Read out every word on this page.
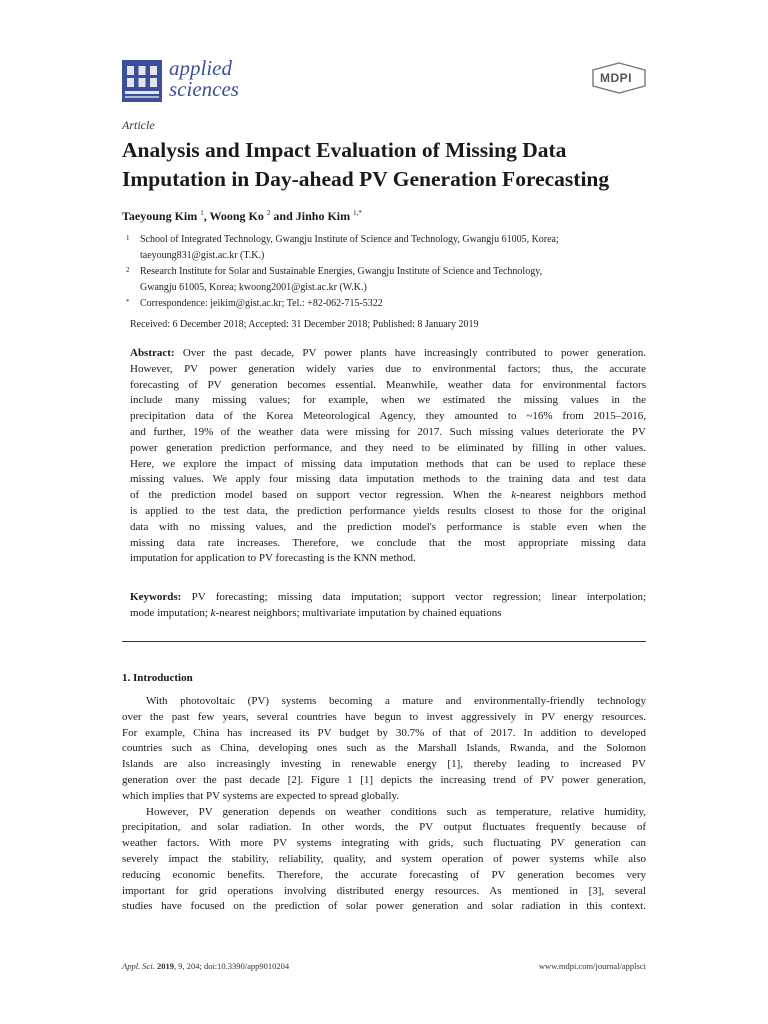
applied
sciences	MDPI
Article
Analysis and Impact Evaluation of Missing Data
Imputation in Day-ahead PV Generation Forecasting
Taeyoung Kim $^1$, Woong Ko $^2$ and Jinho Kim $^{1,*}$
1 School of Integrated Technology, Gwangju Institute of Science and Technology, Gwangju 61005, Korea;
taeyoung831@gist.ac.kr (T.K.)
2 Research Institute for Solar and Sustainable Energies, Gwangju Institute of Science and Technology,
Gwangju 61005, Korea; kwoong2001@gist.ac.kr (W.K.)
* Correspondence: jeikim@gist.ac.kr; Tel.: +82-062-715-5322
Received: 6 December 2018; Accepted: 31 December 2018; Published: 8 January 2019
Abstract: Over the past decade, PV power plants have increasingly contributed to power generation.
However, PV power generation widely varies due to environmental factors; thus, the accurate
forecasting of PV generation becomes essential. Meanwhile, weather data for environmental factors
include many missing values; for example, when we estimated the missing values in the
precipitation data of the Korea Meteorological Agency, they amounted to ~16% from 2015–2016,
and further, 19% of the weather data were missing for 2017. Such missing values deteriorate the PV
power generation prediction performance, and they need to be eliminated by filling in other values.
Here, we explore the impact of missing data imputation methods that can be used to replace these
missing values. We apply four missing data imputation methods to the training data and test data
of the prediction model based on support vector regression. When the k-nearest neighbors method
is applied to the test data, the prediction performance yields results closest to those for the original
data with no missing values, and the prediction model's performance is stable even when the
missing data rate increases. Therefore, we conclude that the most appropriate missing data
imputation for application to PV forecasting is the KNN method.
Keywords: PV forecasting; missing data imputation; support vector regression; linear interpolation;
mode imputation; k-nearest neighbors; multivariate imputation by chained equations
1. Introduction
With photovoltaic (PV) systems becoming a mature and environmentally-friendly technology
over the past few years, several countries have begun to invest aggressively in PV energy resources.
For example, China has increased its PV budget by 30.7% of that of 2017. In addition to developed
countries such as China, developing ones such as the Marshall Islands, Rwanda, and the Solomon
Islands are also increasingly investing in renewable energy [1], thereby leading to increased PV
generation over the past decade [2]. Figure 1 [1] depicts the increasing trend of PV power generation,
which implies that PV systems are expected to spread globally.
However, PV generation depends on weather conditions such as temperature, relative humidity,
precipitation, and solar radiation. In other words, the PV output fluctuates frequently because of
weather factors. With more PV systems integrating with grids, such fluctuating PV generation can
severely impact the stability, reliability, quality, and system operation of power systems while also
reducing economic benefits. Therefore, the accurate forecasting of PV generation becomes very
important for grid operations involving distributed energy resources. As mentioned in [3], several
studies have focused on the prediction of solar power generation and solar radiation in this context.
Appl. Sci. 2019, 9, 204; doi:10.3390/app9010204	www.mdpi.com/journal/applsci
